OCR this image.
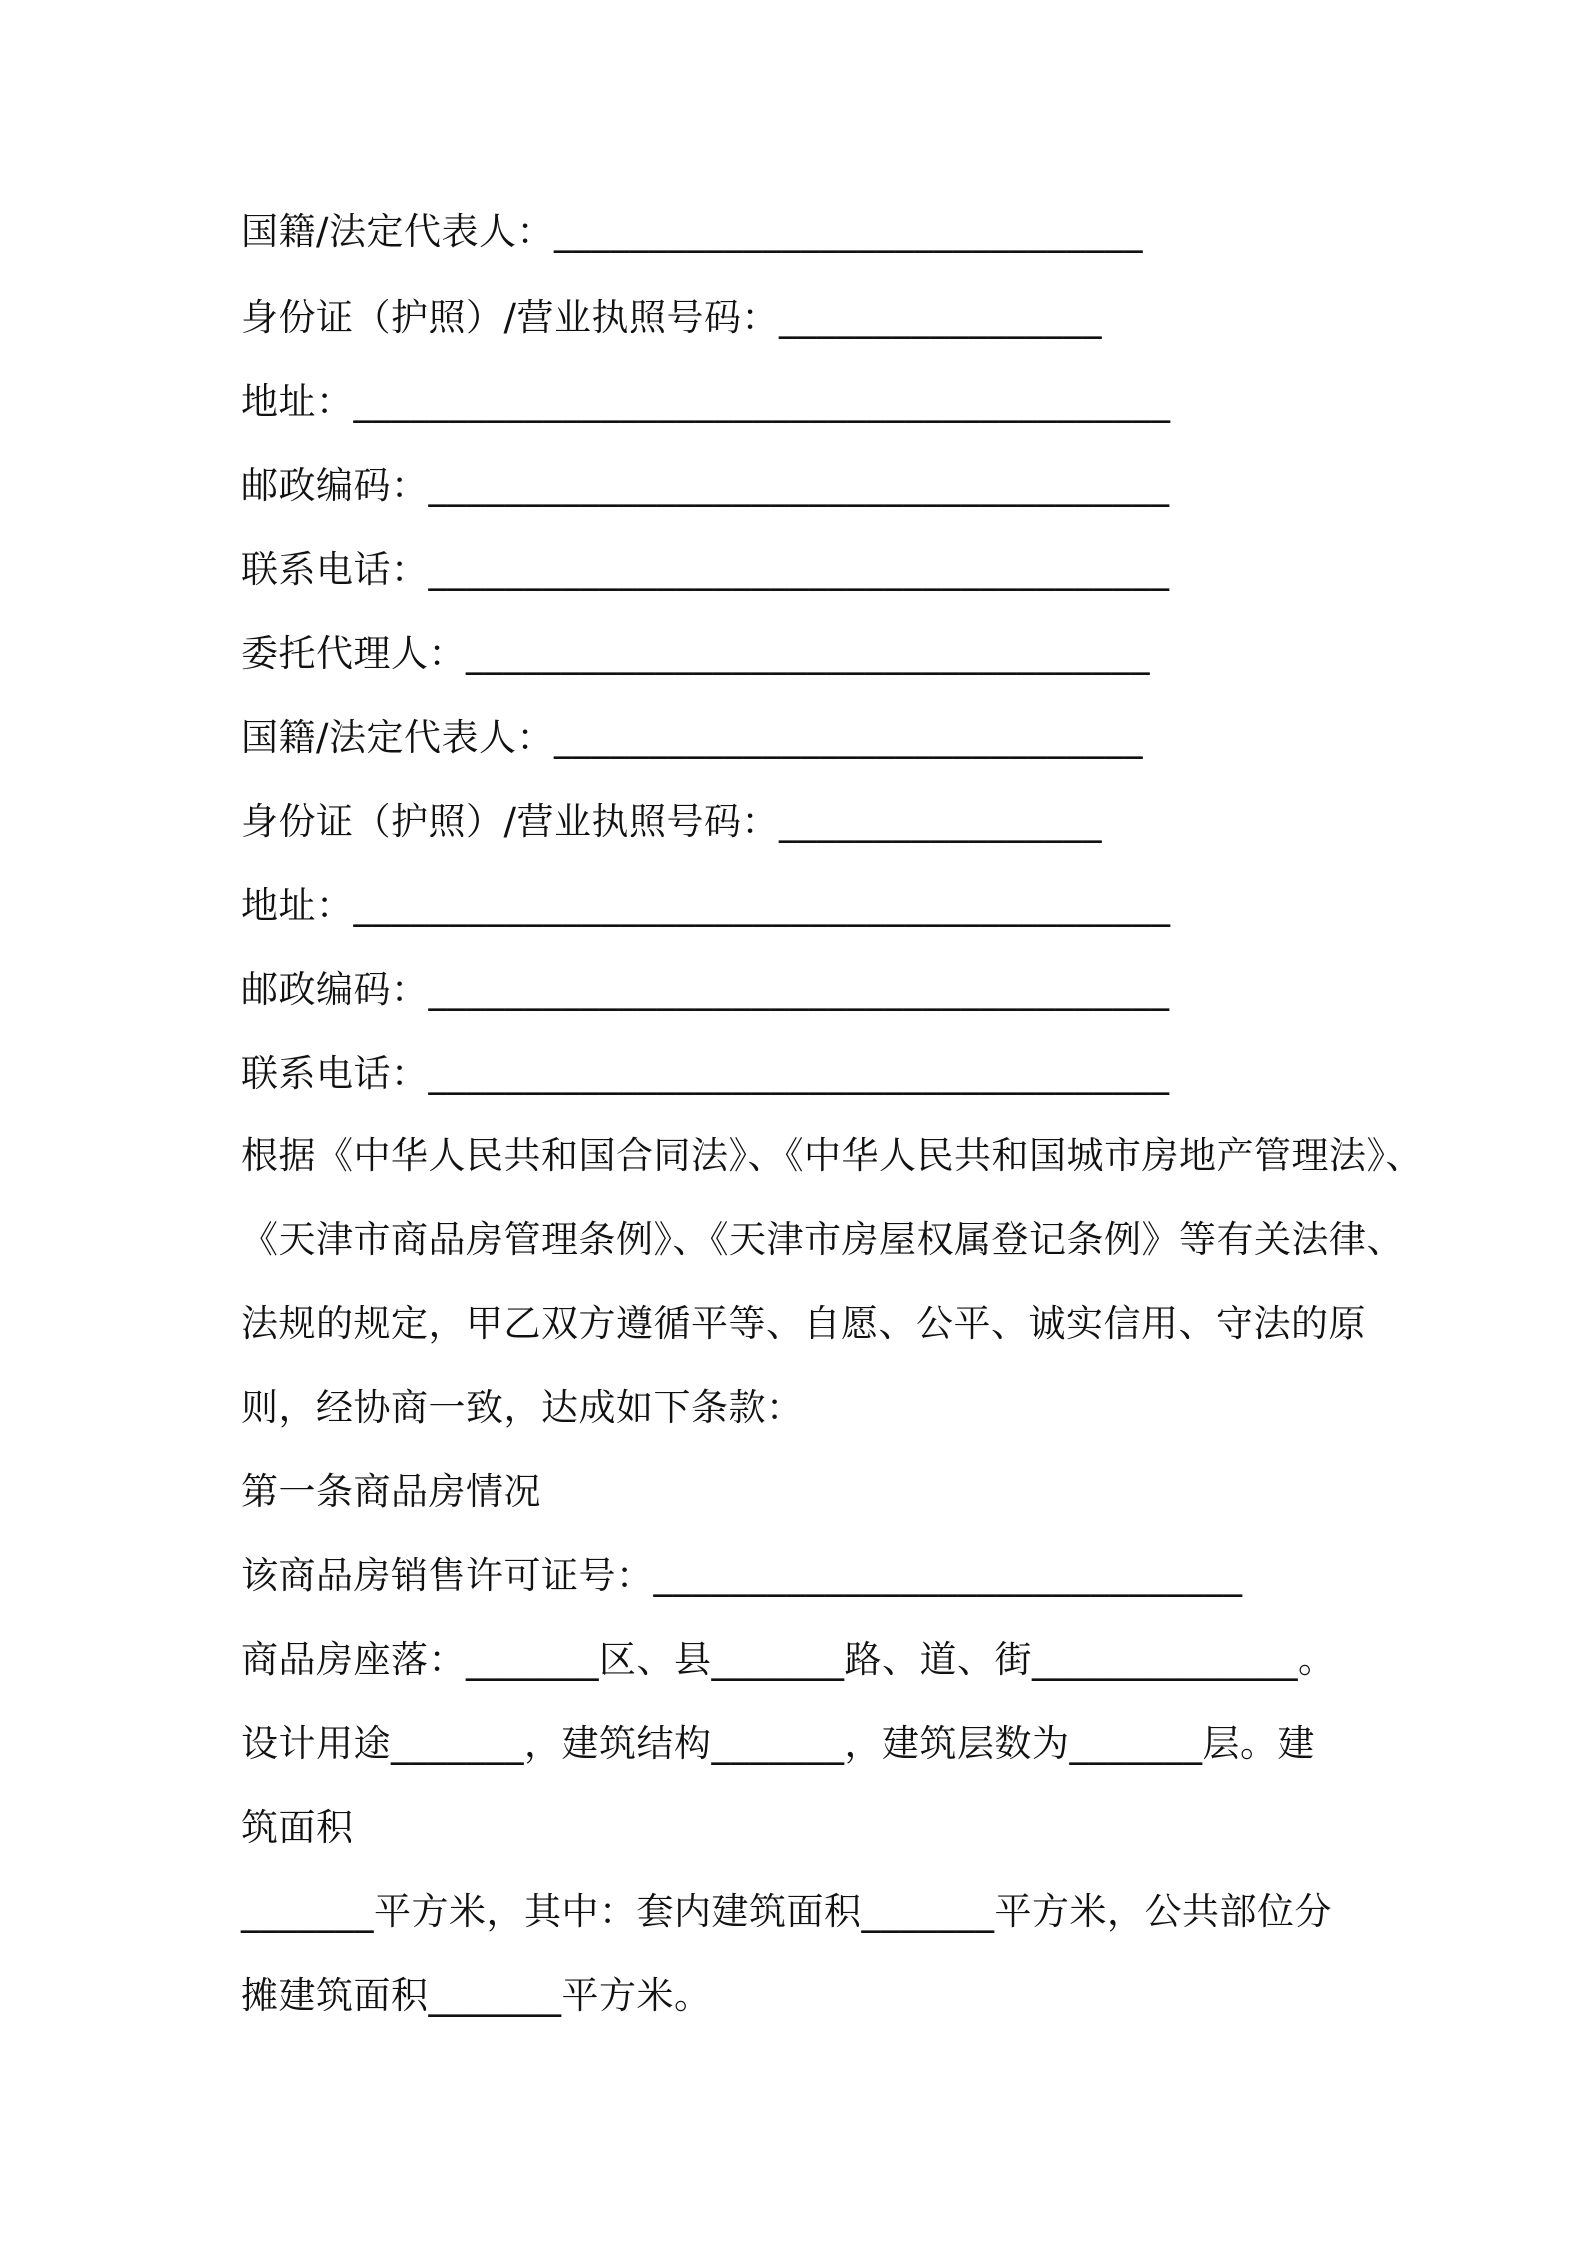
国籍/法定代表人：_______________________________
身份证（护照）/营业执照号码：_________________
地址：___________________________________________
邮政编码：_______________________________________
联系电话：_______________________________________
委托代理人：____________________________________
国籍/法定代表人：_______________________________
身份证（护照）/营业执照号码：_________________
地址：___________________________________________
邮政编码：_______________________________________
联系电话：_______________________________________
根据《中华人民共和国合同法》、《中华人民共和国城市房地产管理法》、
《天津市商品房管理条例》、《天津市房屋权属登记条例》等有关法律、
法规的规定，甲乙双方遵循平等、自愿、公平、诚实信用、守法的原
则，经协商一致，达成如下条款：
第一条商品房情况
该商品房销售许可证号：_______________________________
商品房座落：_______区、县_______路、道、街______________。
设计用途_______，建筑结构_______，建筑层数为_______层。建
筑面积
_______平方米，其中：套内建筑面积_______平方米，公共部位分
摊建筑面积_______平方米。
